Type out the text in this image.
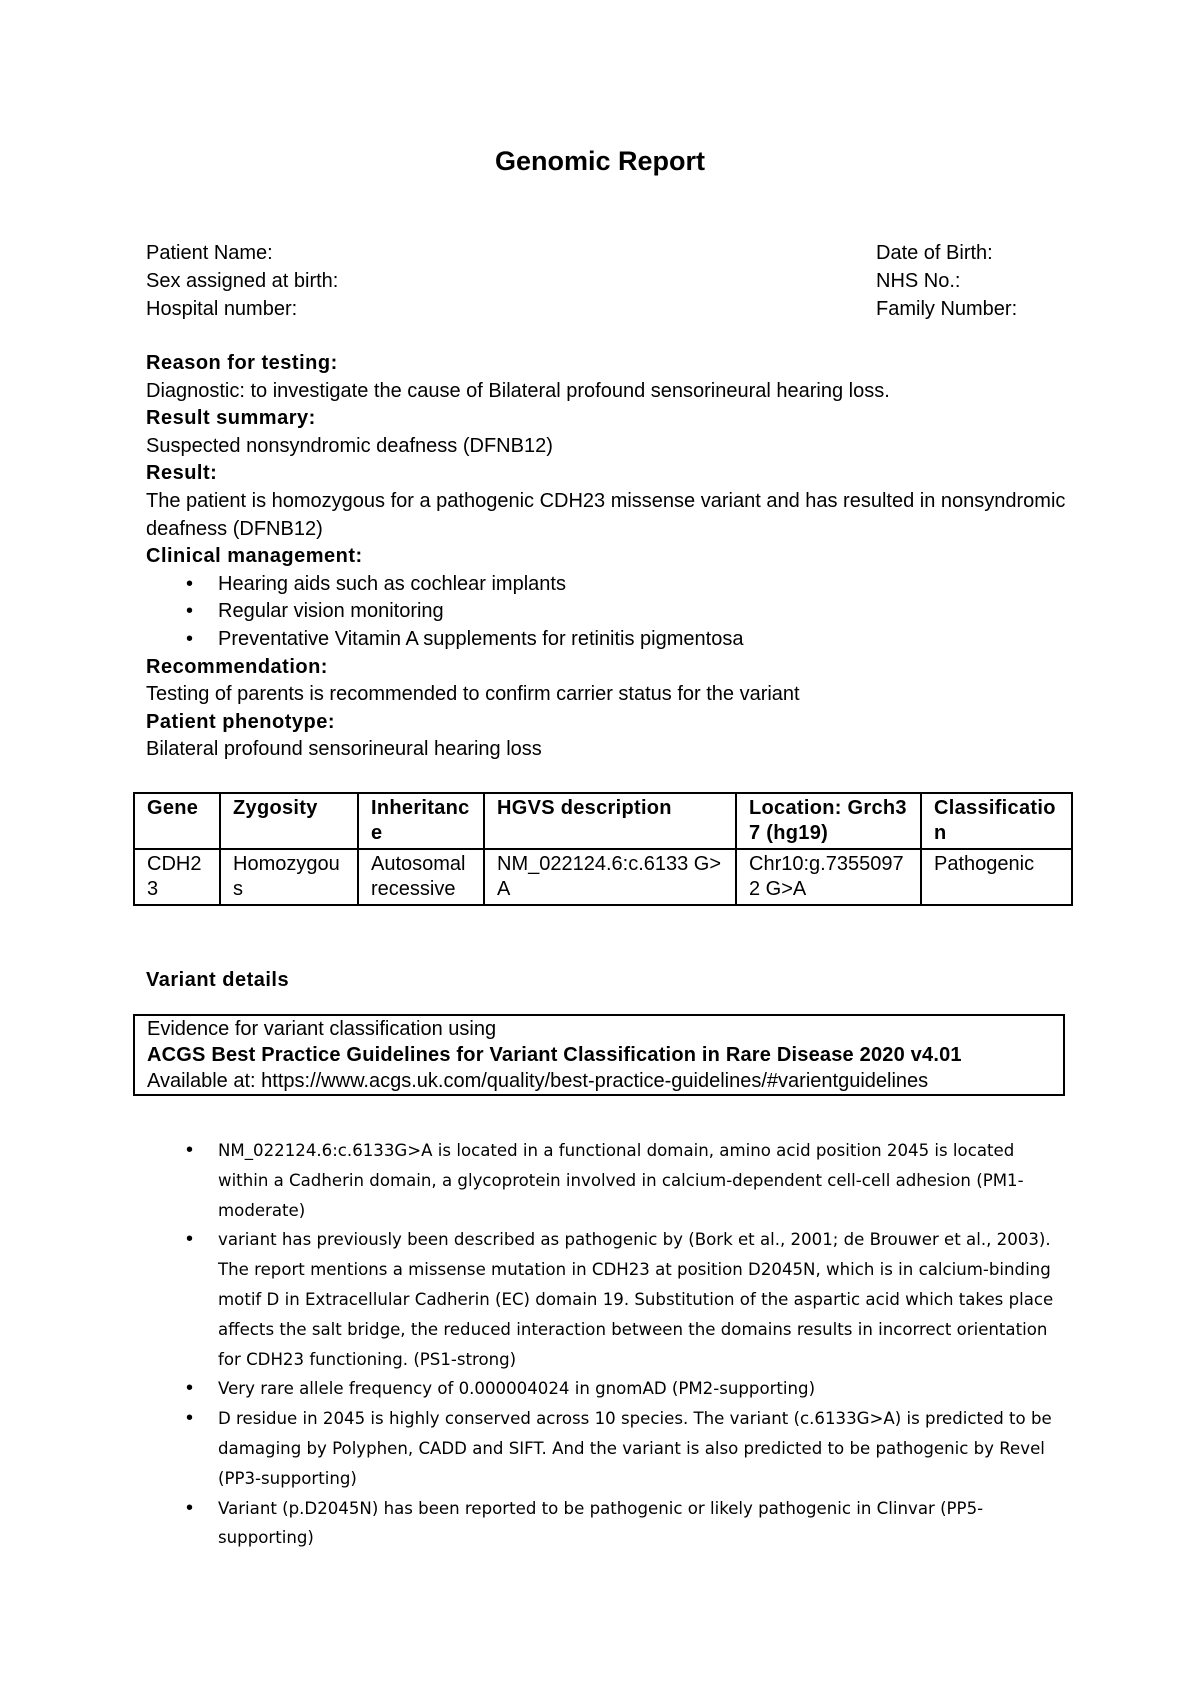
Genomic Report
Patient Name:
Sex assigned at birth:
Hospital number:
Date of Birth:
NHS No.:
Family Number:
Reason for testing:
Diagnostic: to investigate the cause of Bilateral profound sensorineural hearing loss.
Result summary:
Suspected nonsyndromic deafness (DFNB12)
Result:
The patient is homozygous for a pathogenic CDH23 missense variant and has resulted in nonsyndromic deafness (DFNB12)
Clinical management:
• Hearing aids such as cochlear implants
• Regular vision monitoring
• Preventative Vitamin A supplements for retinitis pigmentosa
Recommendation:
Testing of parents is recommended to confirm carrier status for the variant
Patient phenotype:
Bilateral profound sensorineural hearing loss
Gene	Zygosity	Inheritance	HGVS description	Location: Grch37 (hg19)	Classification
CDH23	Homozygous	Autosomal recessive	NM_022124.6:c.6133 G>A	Chr10:g.73550972 G>A	Pathogenic
Variant details
Evidence for variant classification using
ACGS Best Practice Guidelines for Variant Classification in Rare Disease 2020 v4.01
Available at: https://www.acgs.uk.com/quality/best-practice-guidelines/#varientguidelines
• NM_022124.6:c.6133G>A is located in a functional domain, amino acid position 2045 is located within a Cadherin domain, a glycoprotein involved in calcium-dependent cell-cell adhesion (PM1-moderate)
• variant has previously been described as pathogenic by (Bork et al., 2001; de Brouwer et al., 2003). The report mentions a missense mutation in CDH23 at position D2045N, which is in calcium-binding motif D in Extracellular Cadherin (EC) domain 19. Substitution of the aspartic acid which takes place affects the salt bridge, the reduced interaction between the domains results in incorrect orientation for CDH23 functioning. (PS1-strong)
• Very rare allele frequency of 0.000004024 in gnomAD (PM2-supporting)
• D residue in 2045 is highly conserved across 10 species. The variant (c.6133G>A) is predicted to be damaging by Polyphen, CADD and SIFT. And the variant is also predicted to be pathogenic by Revel (PP3-supporting)
• Variant (p.D2045N) has been reported to be pathogenic or likely pathogenic in Clinvar (PP5-supporting)
